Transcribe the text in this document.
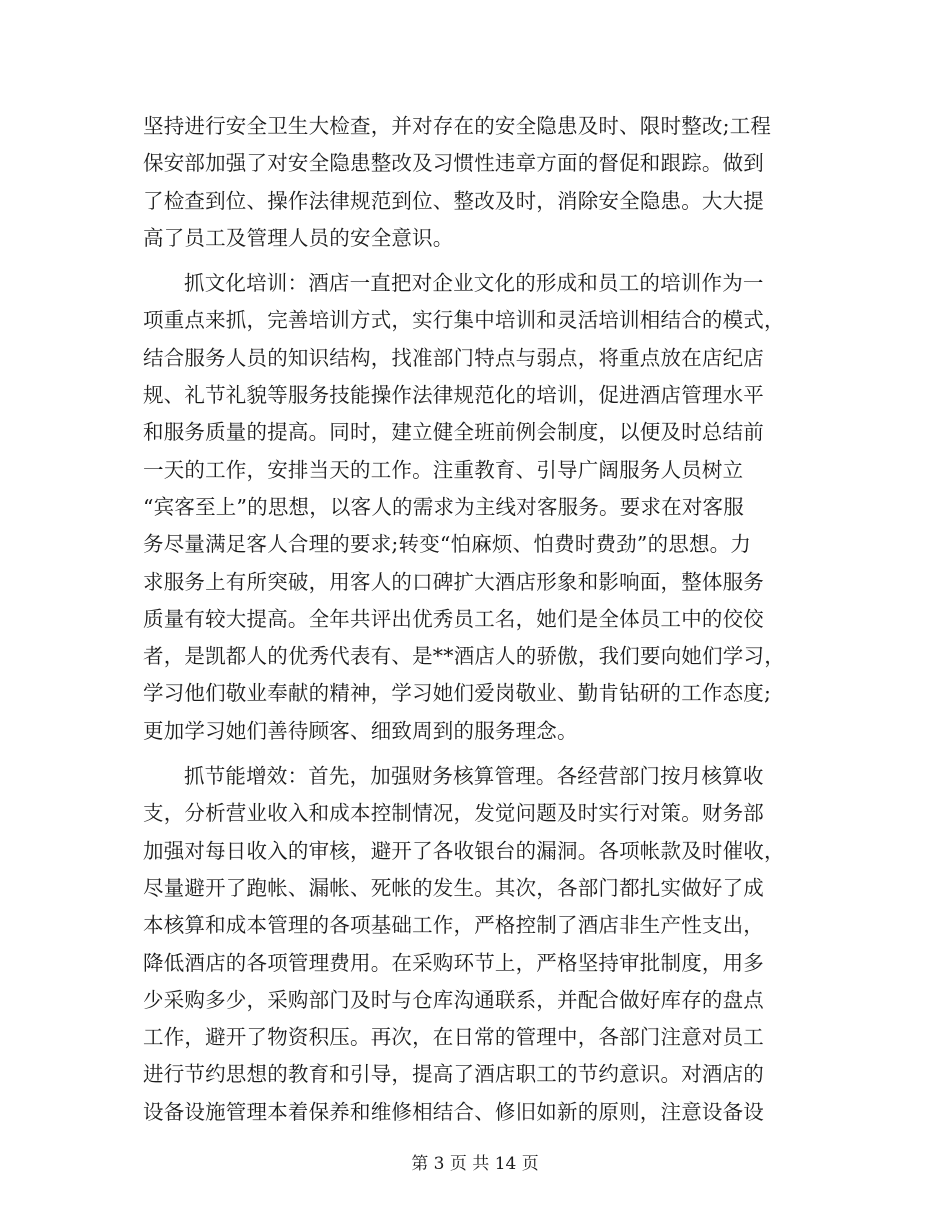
坚持进行安全卫生大检查，并对存在的安全隐患及时、限时整改;工程
保安部加强了对安全隐患整改及习惯性违章方面的督促和跟踪。做到
了检查到位、操作法律规范到位、整改及时，消除安全隐患。大大提
高了员工及管理人员的安全意识。
抓文化培训：酒店一直把对企业文化的形成和员工的培训作为一
项重点来抓，完善培训方式，实行集中培训和灵活培训相结合的模式，
结合服务人员的知识结构，找准部门特点与弱点，将重点放在店纪店
规、礼节礼貌等服务技能操作法律规范化的培训，促进酒店管理水平
和服务质量的提高。同时，建立健全班前例会制度，以便及时总结前
一天的工作，安排当天的工作。注重教育、引导广阔服务人员树立
“宾客至上”的思想，以客人的需求为主线对客服务。要求在对客服
务尽量满足客人合理的要求;转变“怕麻烦、怕费时费劲”的思想。力
求服务上有所突破，用客人的口碑扩大酒店形象和影响面，整体服务
质量有较大提高。全年共评出优秀员工名，她们是全体员工中的佼佼
者，是凯都人的优秀代表有、是**酒店人的骄傲，我们要向她们学习，
学习他们敬业奉献的精神，学习她们爱岗敬业、勤肯钻研的工作态度;
更加学习她们善待顾客、细致周到的服务理念。
抓节能增效：首先，加强财务核算管理。各经营部门按月核算收
支，分析营业收入和成本控制情况，发觉问题及时实行对策。财务部
加强对每日收入的审核，避开了各收银台的漏洞。各项帐款及时催收，
尽量避开了跑帐、漏帐、死帐的发生。其次，各部门都扎实做好了成
本核算和成本管理的各项基础工作，严格控制了酒店非生产性支出，
降低酒店的各项管理费用。在采购环节上，严格坚持审批制度，用多
少采购多少，采购部门及时与仓库沟通联系，并配合做好库存的盘点
工作，避开了物资积压。再次，在日常的管理中，各部门注意对员工
进行节约思想的教育和引导，提高了酒店职工的节约意识。对酒店的
设备设施管理本着保养和维修相结合、修旧如新的原则，注意设备设
第 3 页 共 14 页
